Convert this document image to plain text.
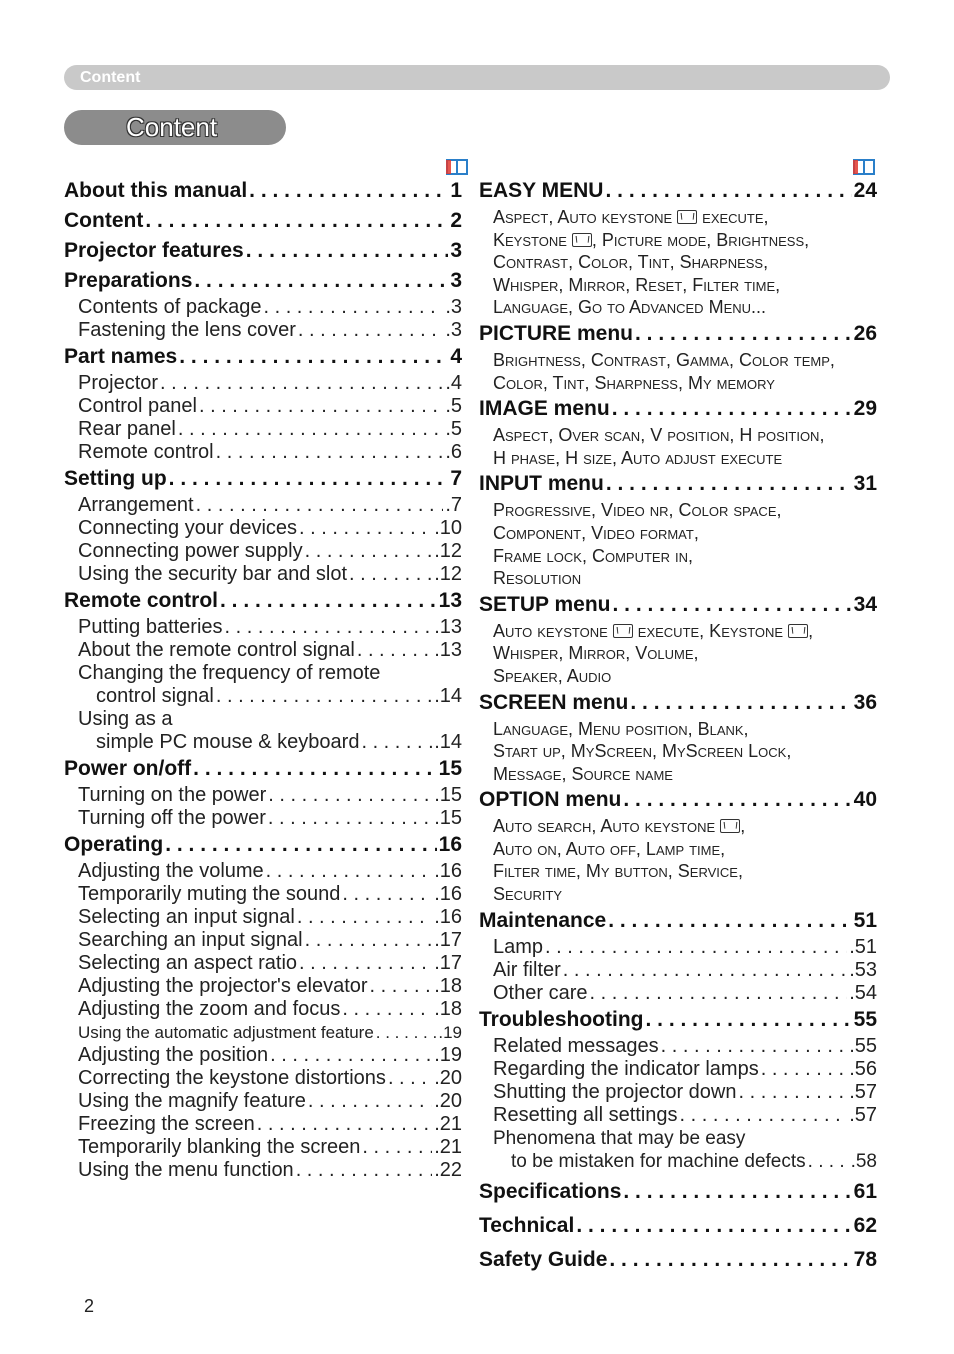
Content
Content
About this manual . . .	1
Content . . .	2
Projector features . . .	3
Preparations . . .	3
Contents of package . . .	.3
Fastening the lens cover . . .	.3
Part names . . .	4
Projector . . .	.4
Control panel . . .	.5
Rear panel . . .	.5
Remote control . . .	.6
Setting up . . .	7
Arrangement . . .	.7
Connecting your devices . . .	.10
Connecting power supply . . .	.12
Using the security bar and slot . . .	.12
Remote control . . .	13
Putting batteries . . .	.13
About the remote control signal . . .	.13
Changing the frequency of remote
control signal . . .	.14
Using as a
simple PC mouse & keyboard . . .	.14
Power on/off . . .	15
Turning on the power . . .	.15
Turning off the power . . .	.15
Operating . . .	16
Adjusting the volume . . .	.16
Temporarily muting the sound . . .	.16
Selecting an input signal . . .	.16
Searching an input signal . . .	.17
Selecting an aspect ratio . . .	.17
Adjusting the projector's elevator . . .	.18
Adjusting the zoom and focus . . .	.18
Using the automatic adjustment feature . . .	.19
Adjusting the position . . .	.19
Correcting the keystone distortions . . . .20
Using the magnify feature . . .	.20
Freezing the screen . . .	.21
Temporarily blanking the screen . . .	.21
Using the menu function . . .	.22
EASY MENU . . .	24
Aspect, Auto keystone  execute,
Keystone , Picture mode, Brightness,
Contrast, Color, Tint, Sharpness,
Whisper, Mirror, Reset, Filter time,
Language, Go to Advanced Menu...
PICTURE menu . . .	26
Brightness, Contrast, Gamma, Color temp,
Color, Tint, Sharpness, My memory
IMAGE menu . . .	29
Aspect, Over scan, V position, H position,
H phase, H size, Auto adjust execute
INPUT menu . . .	31
Progressive, Video nr, Color space,
Component, Video format,
Frame lock, Computer in,
Resolution
SETUP menu . . .	34
Auto keystone  execute, Keystone ,
Whisper, Mirror, Volume,
Speaker, Audio
SCREEN menu . . .	36
Language, Menu position, Blank,
Start up, MyScreen, MyScreen Lock,
Message, Source name
OPTION menu . . .	40
Auto search, Auto keystone ,
Auto on, Auto off, Lamp time,
Filter time, My button, Service,
Security
Maintenance . . .	51
Lamp . . .	.51
Air filter . . .	.53
Other care . . .	.54
Troubleshooting . . .	55
Related messages . . .	.55
Regarding the indicator lamps . . .	.56
Shutting the projector down . . .	.57
Resetting all settings . . .	.57
Phenomena that may be easy
to be mistaken for machine defects . . . .58
Specifications . . .	61
Technical . . .	62
Safety Guide . . .	78
2
